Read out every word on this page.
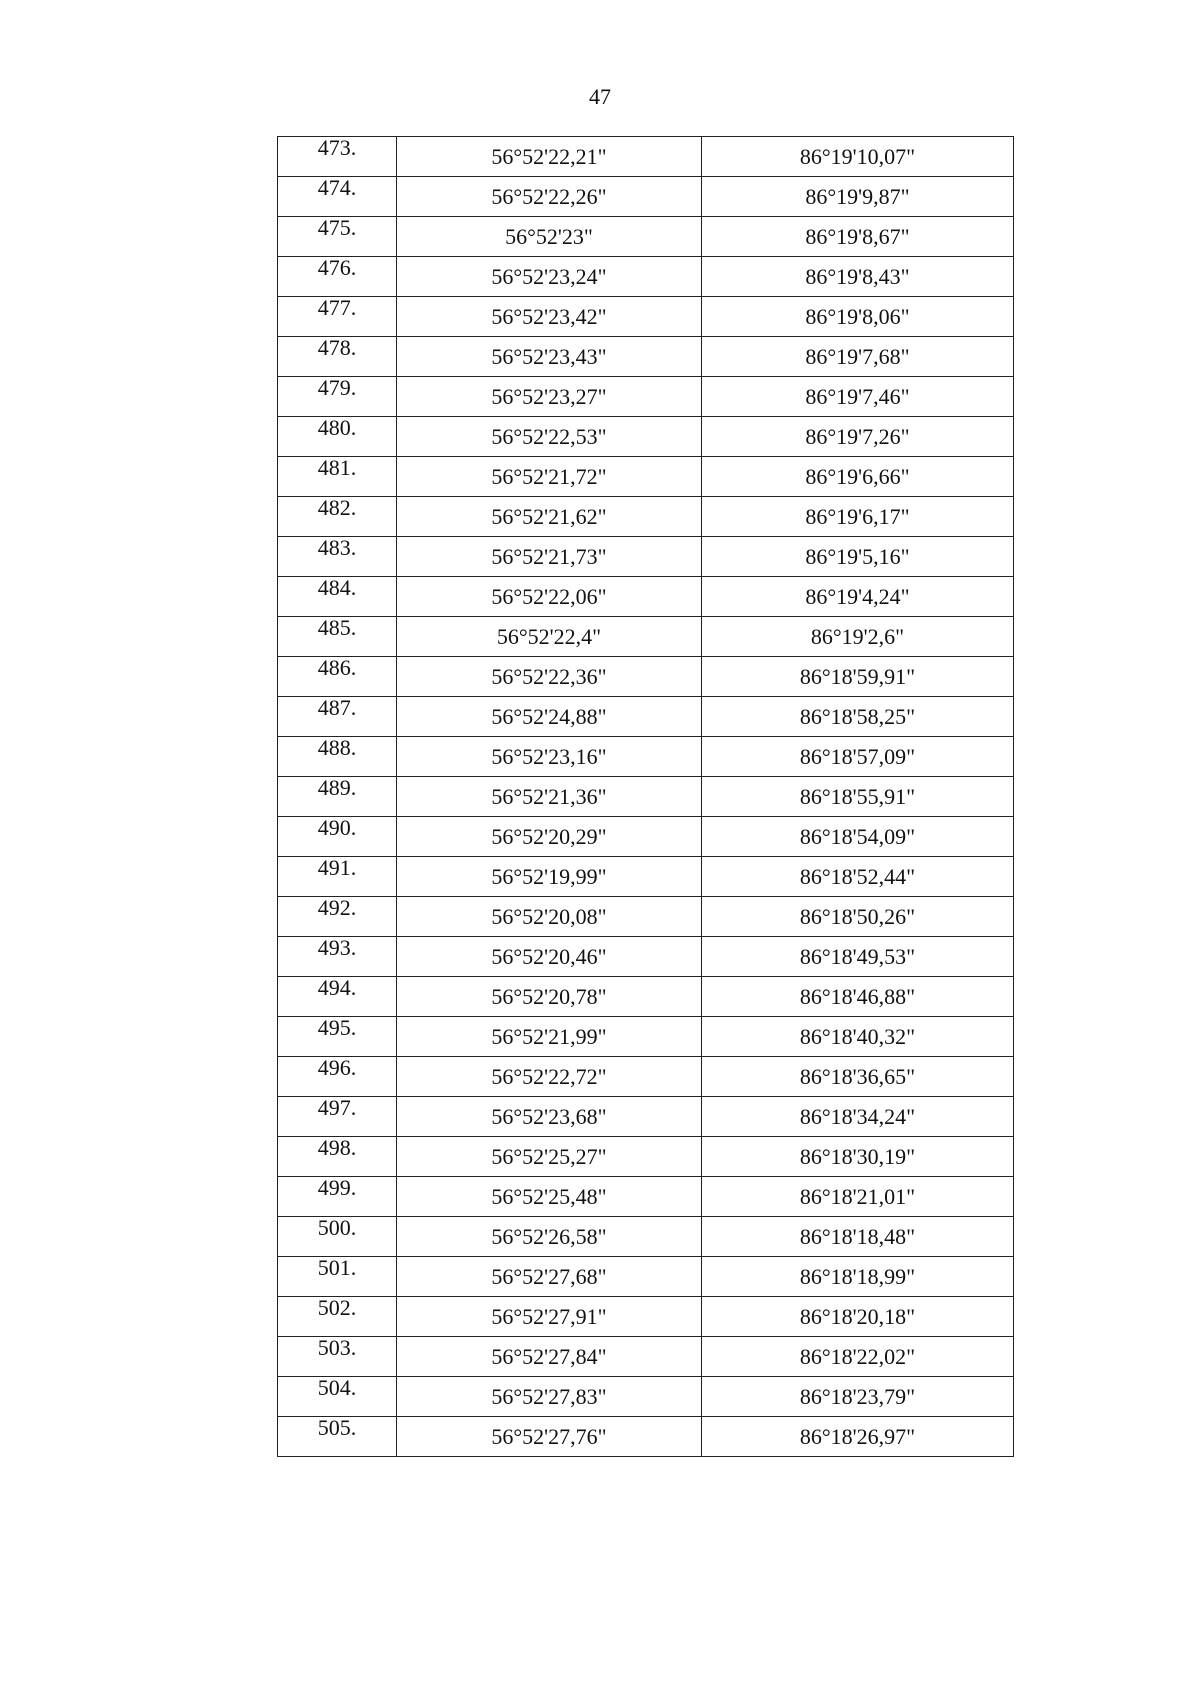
47
473.	56°52'22,21"	86°19'10,07"
474.	56°52'22,26"	86°19'9,87"
475.	56°52'23"	86°19'8,67"
476.	56°52'23,24"	86°19'8,43"
477.	56°52'23,42"	86°19'8,06"
478.	56°52'23,43"	86°19'7,68"
479.	56°52'23,27"	86°19'7,46"
480.	56°52'22,53"	86°19'7,26"
481.	56°52'21,72"	86°19'6,66"
482.	56°52'21,62"	86°19'6,17"
483.	56°52'21,73"	86°19'5,16"
484.	56°52'22,06"	86°19'4,24"
485.	56°52'22,4"	86°19'2,6"
486.	56°52'22,36"	86°18'59,91"
487.	56°52'24,88"	86°18'58,25"
488.	56°52'23,16"	86°18'57,09"
489.	56°52'21,36"	86°18'55,91"
490.	56°52'20,29"	86°18'54,09"
491.	56°52'19,99"	86°18'52,44"
492.	56°52'20,08"	86°18'50,26"
493.	56°52'20,46"	86°18'49,53"
494.	56°52'20,78"	86°18'46,88"
495.	56°52'21,99"	86°18'40,32"
496.	56°52'22,72"	86°18'36,65"
497.	56°52'23,68"	86°18'34,24"
498.	56°52'25,27"	86°18'30,19"
499.	56°52'25,48"	86°18'21,01"
500.	56°52'26,58"	86°18'18,48"
501.	56°52'27,68"	86°18'18,99"
502.	56°52'27,91"	86°18'20,18"
503.	56°52'27,84"	86°18'22,02"
504.	56°52'27,83"	86°18'23,79"
505.	56°52'27,76"	86°18'26,97"
